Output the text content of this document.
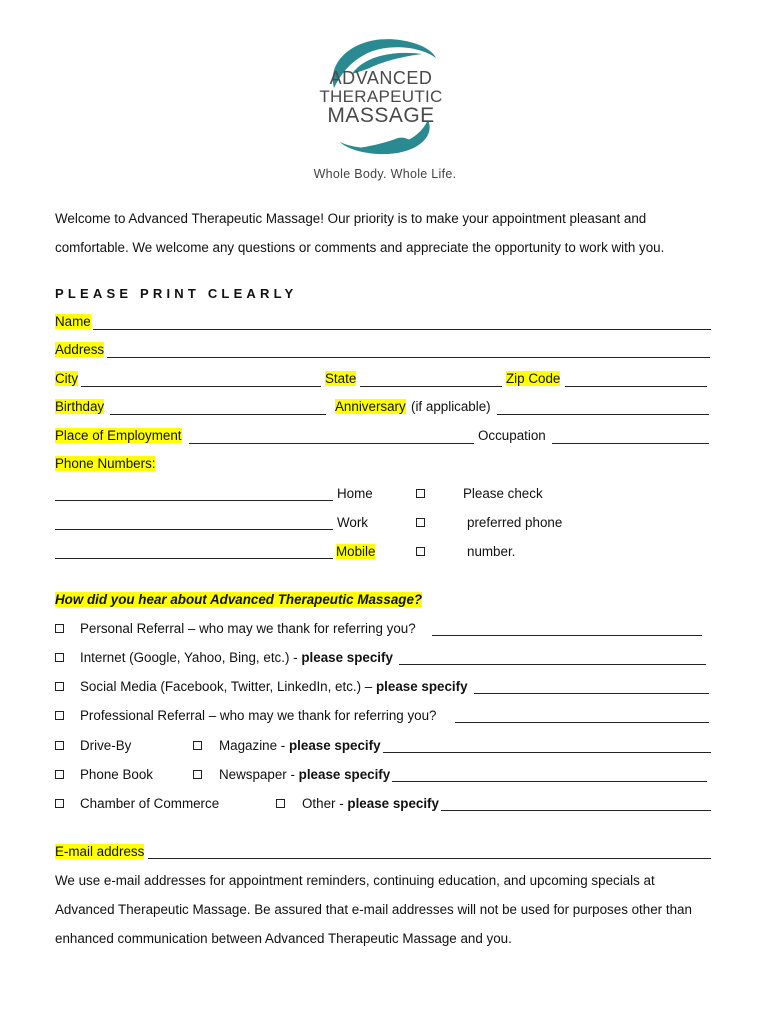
ADVANCED
THERAPEUTIC
MASSAGE
Whole Body. Whole Life.
Welcome to Advanced Therapeutic Massage! Our priority is to make your appointment pleasant and
comfortable. We welcome any questions or comments and appreciate the opportunity to work with you.
PLEASE PRINT CLEARLY
Name
Address
City	State	Zip Code
Birthday	Anniversary (if applicable)
Place of Employment	Occupation
Phone Numbers:
Home	Please check
Work	preferred phone
Mobile	number.
How did you hear about Advanced Therapeutic Massage?
Personal Referral – who may we thank for referring you?
Internet (Google, Yahoo, Bing, etc.) - please specify
Social Media (Facebook, Twitter, LinkedIn, etc.) – please specify
Professional Referral – who may we thank for referring you?
Drive-By	Magazine - please specify
Phone Book	Newspaper - please specify
Chamber of Commerce	Other - please specify
E-mail address
We use e-mail addresses for appointment reminders, continuing education, and upcoming specials at
Advanced Therapeutic Massage. Be assured that e-mail addresses will not be used for purposes other than
enhanced communication between Advanced Therapeutic Massage and you.
